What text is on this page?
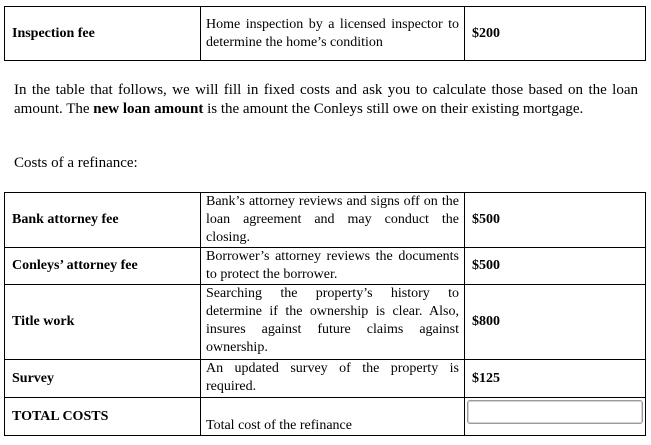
Inspection fee	Home inspection by a licensed inspector to determine the home’s condition	$200
In the table that follows, we will fill in fixed costs and ask you to calculate those based on the loan amount. The new loan amount is the amount the Conleys still owe on their existing mortgage.
Costs of a refinance:
Bank attorney fee	Bank’s attorney reviews and signs off on the loan agreement and may conduct the closing.	$500
Conleys’ attorney fee	Borrower’s attorney reviews the documents to protect the borrower.	$500
Title work	Searching the property’s history to determine if the ownership is clear. Also, insures against future claims against ownership.	$800
Survey	An updated survey of the property is required.	$125
TOTAL COSTS	Total cost of the refinance	
